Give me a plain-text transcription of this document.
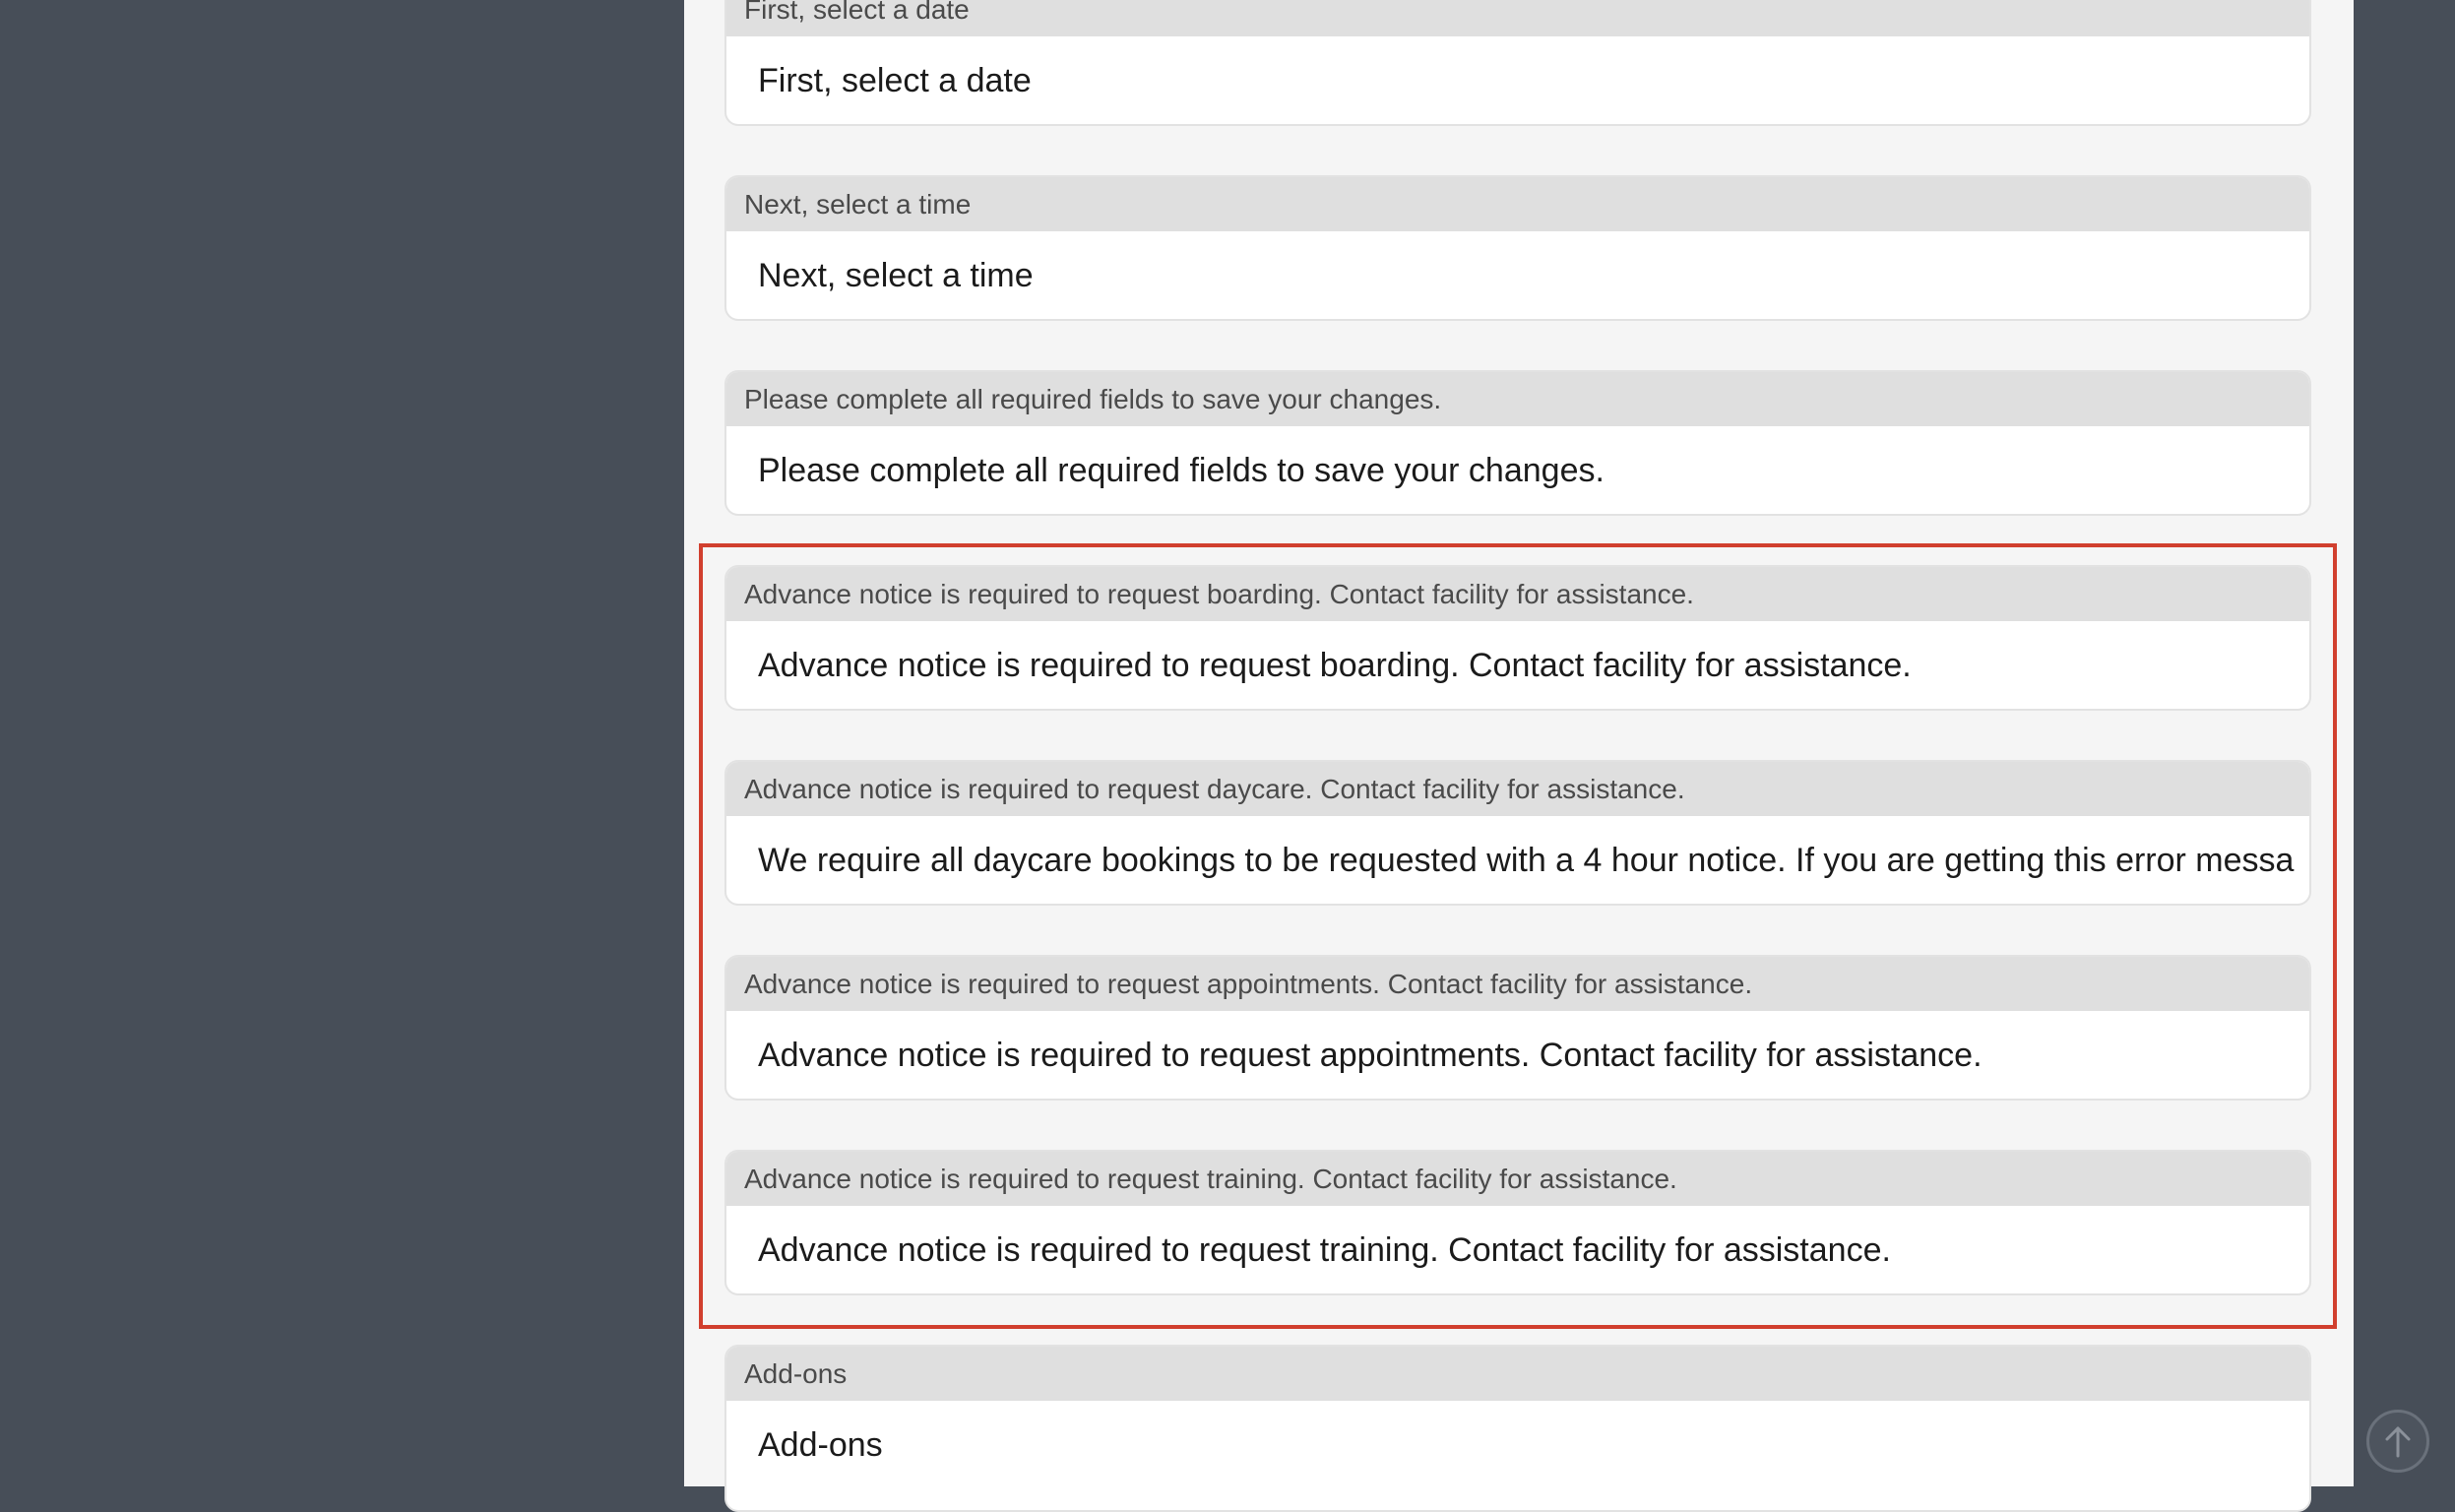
First, select a date
First, select a date
Next, select a time
Next, select a time
Please complete all required fields to save your changes.
Please complete all required fields to save your changes.
Advance notice is required to request boarding. Contact facility for assistance.
Advance notice is required to request boarding. Contact facility for assistance.
Advance notice is required to request daycare. Contact facility for assistance.
We require all daycare bookings to be requested with a 4 hour notice. If you are getting this error messa
Advance notice is required to request appointments. Contact facility for assistance.
Advance notice is required to request appointments. Contact facility for assistance.
Advance notice is required to request training. Contact facility for assistance.
Advance notice is required to request training. Contact facility for assistance.
Add-ons
Add-ons
